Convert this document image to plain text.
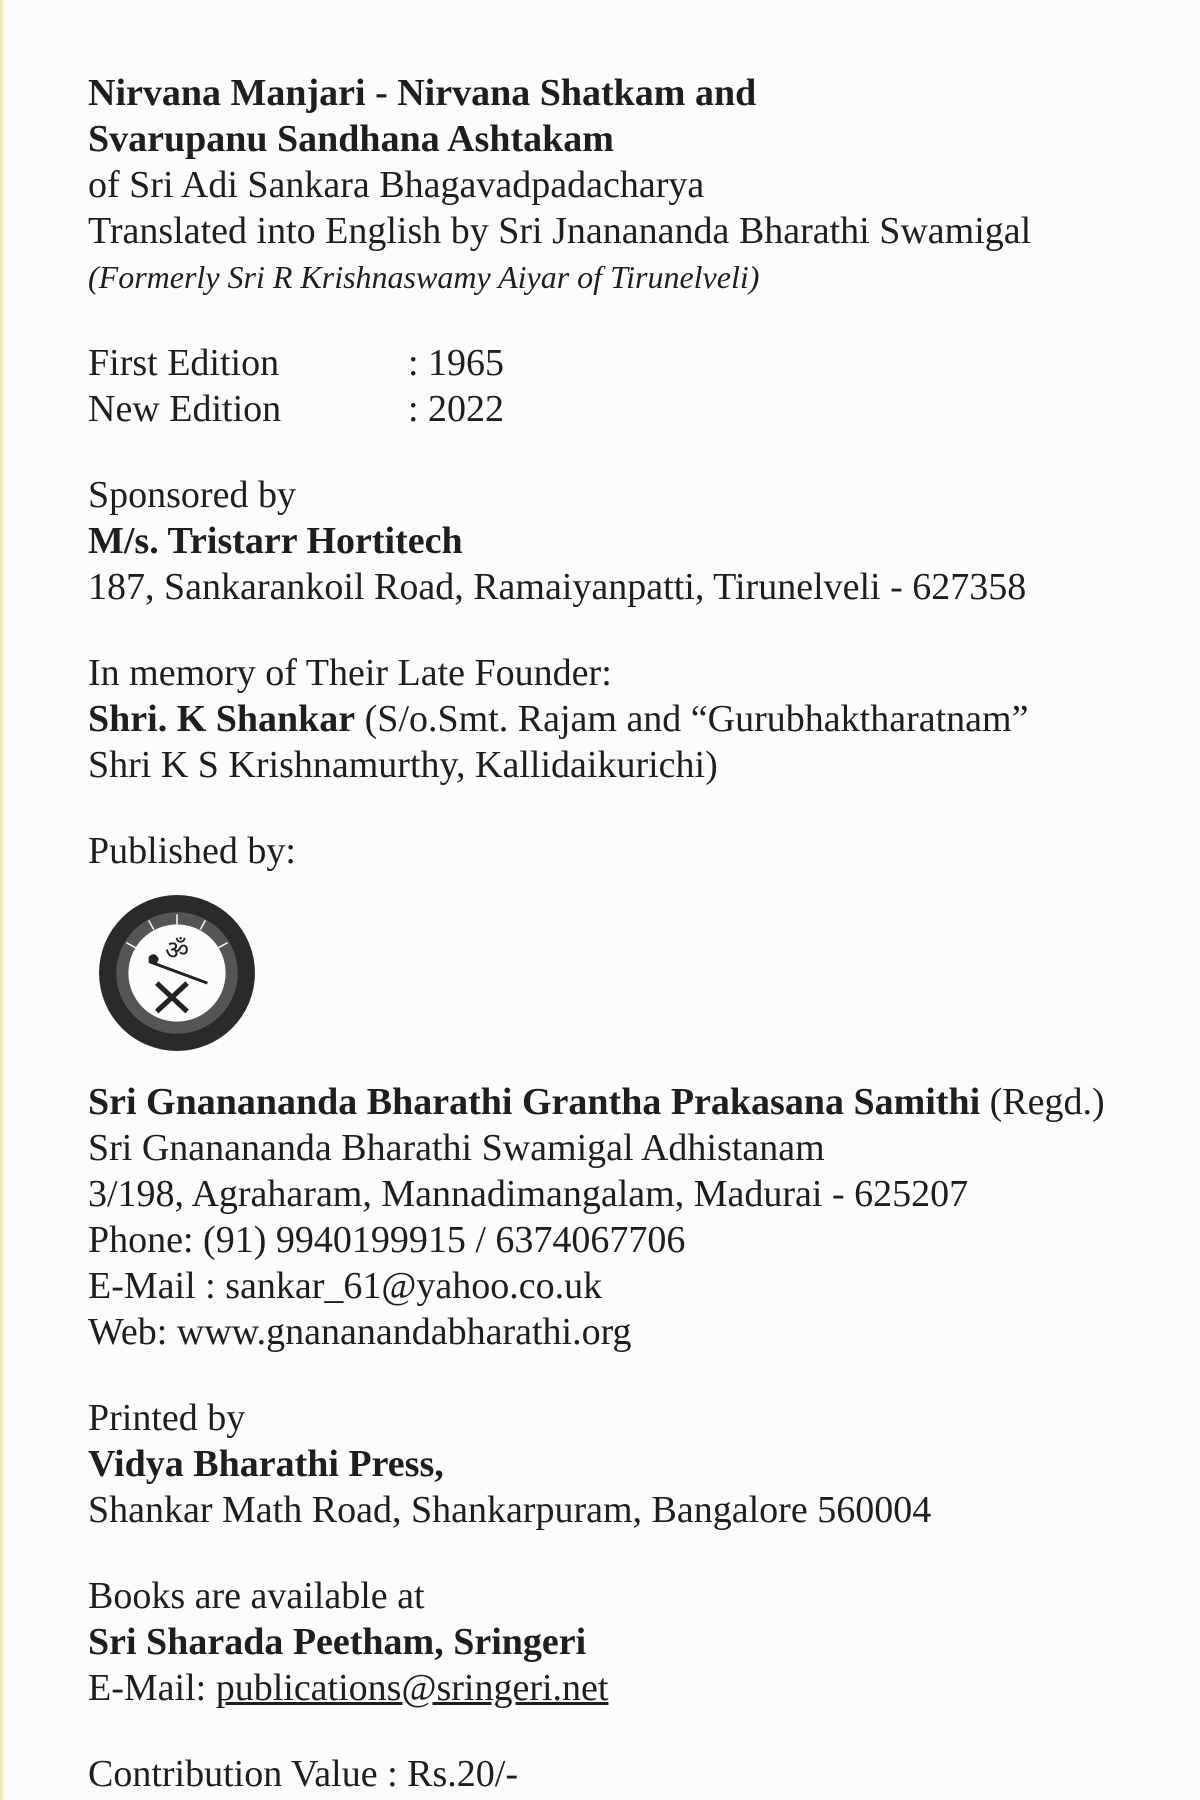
Nirvana Manjari - Nirvana Shatkam and
Svarupanu Sandhana Ashtakam
of Sri Adi Sankara Bhagavadpadacharya
Translated into English by Sri Jnanananda Bharathi Swamigal
(Formerly Sri R Krishnaswamy Aiyar of Tirunelveli)
First Edition	: 1965
New Edition	: 2022
Sponsored by
M/s. Tristarr Hortitech
187, Sankarankoil Road, Ramaiyanpatti, Tirunelveli - 627358
In memory of Their Late Founder:
Shri. K Shankar (S/o.Smt. Rajam and “Gurubhaktharatnam”
Shri K S Krishnamurthy, Kallidaikurichi)
Published by:
ॐ
Sri Gnanananda Bharathi Grantha Prakasana Samithi (Regd.)
Sri Gnanananda Bharathi Swamigal Adhistanam
3/198, Agraharam, Mannadimangalam, Madurai - 625207
Phone: (91) 9940199915 / 6374067706
E-Mail : sankar_61@yahoo.co.uk
Web: www.gnananandabharathi.org
Printed by
Vidya Bharathi Press,
Shankar Math Road, Shankarpuram, Bangalore 560004
Books are available at
Sri Sharada Peetham, Sringeri
E-Mail: publications@sringeri.net
Contribution Value : Rs.20/-
